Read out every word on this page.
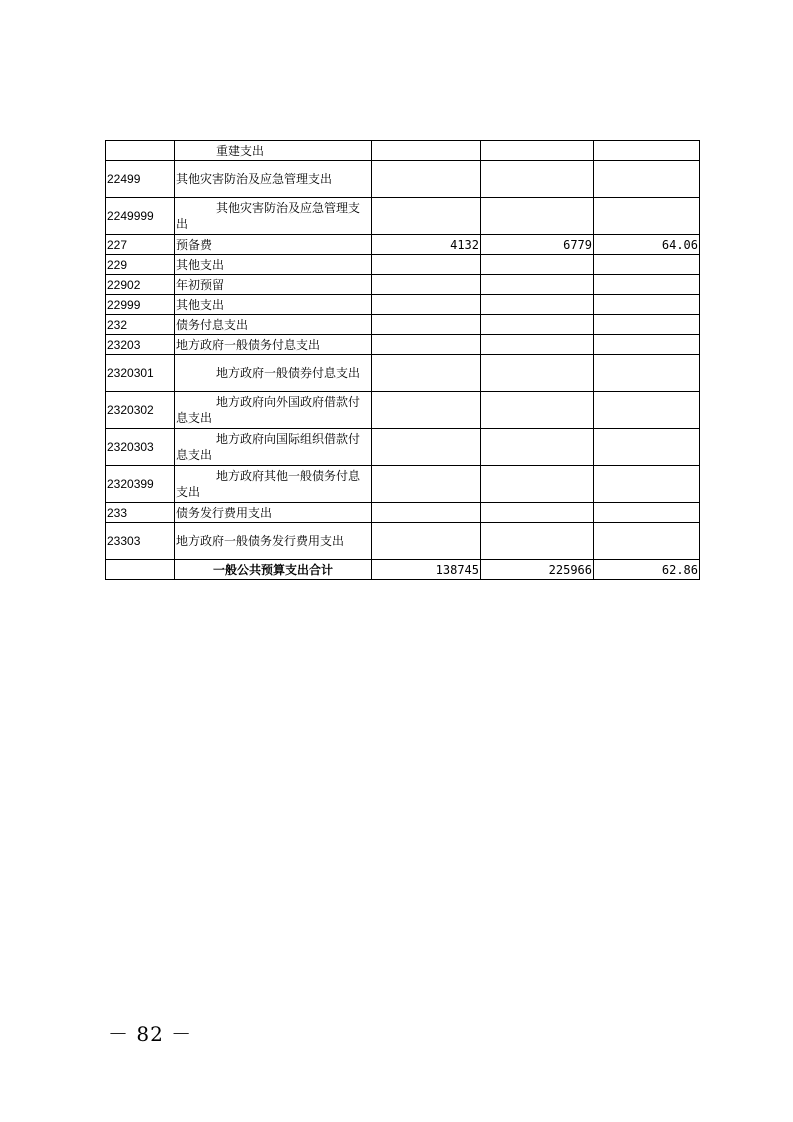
	重建支出			
22499	其他灾害防治及应急管理支出			
2249999	其他灾害防治及应急管理支出			
227	预备费	4132	6779	64.06
229	其他支出			
22902	年初预留			
22999	其他支出			
232	债务付息支出			
23203	地方政府一般债务付息支出			
2320301	地方政府一般债券付息支出			
2320302	地方政府向外国政府借款付息支出			
2320303	地方政府向国际组织借款付息支出			
2320399	地方政府其他一般债务付息支出			
233	债务发行费用支出			
23303	地方政府一般债务发行费用支出			
	一般公共预算支出合计	138745	225966	62.86
－ 82 －
